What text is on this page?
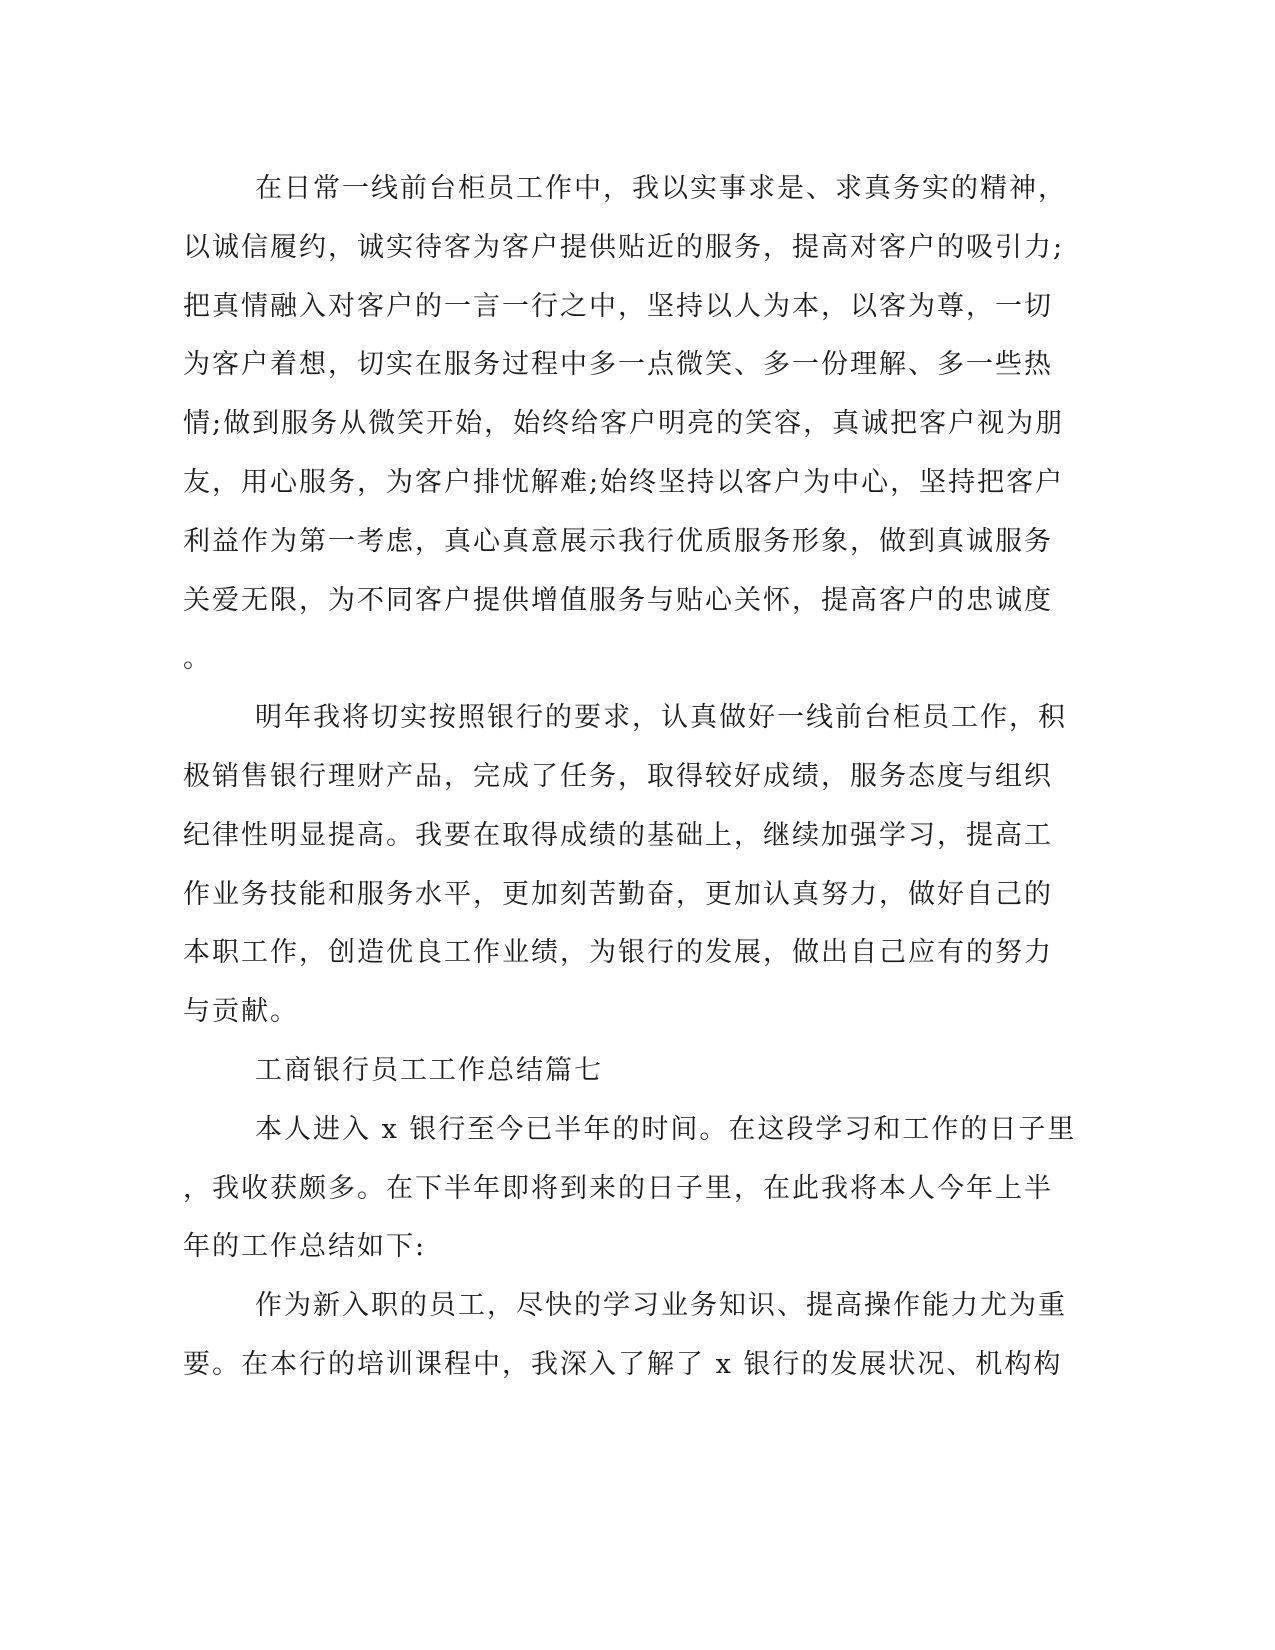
在日常一线前台柜员工作中，我以实事求是、求真务实的精神，
以诚信履约，诚实待客为客户提供贴近的服务，提高对客户的吸引力;
把真情融入对客户的一言一行之中，坚持以人为本，以客为尊，一切
为客户着想，切实在服务过程中多一点微笑、多一份理解、多一些热
情;做到服务从微笑开始，始终给客户明亮的笑容，真诚把客户视为朋
友，用心服务，为客户排忧解难;始终坚持以客户为中心，坚持把客户
利益作为第一考虑，真心真意展示我行优质服务形象，做到真诚服务
关爱无限，为不同客户提供增值服务与贴心关怀，提高客户的忠诚度
。
明年我将切实按照银行的要求，认真做好一线前台柜员工作，积
极销售银行理财产品，完成了任务，取得较好成绩，服务态度与组织
纪律性明显提高。我要在取得成绩的基础上，继续加强学习，提高工
作业务技能和服务水平，更加刻苦勤奋，更加认真努力，做好自己的
本职工作，创造优良工作业绩，为银行的发展，做出自己应有的努力
与贡献。
工商银行员工工作总结篇七
本人进入 x 银行至今已半年的时间。在这段学习和工作的日子里
，我收获颇多。在下半年即将到来的日子里，在此我将本人今年上半
年的工作总结如下:
作为新入职的员工，尽快的学习业务知识、提高操作能力尤为重
要。在本行的培训课程中，我深入了解了 x 银行的发展状况、机构构
